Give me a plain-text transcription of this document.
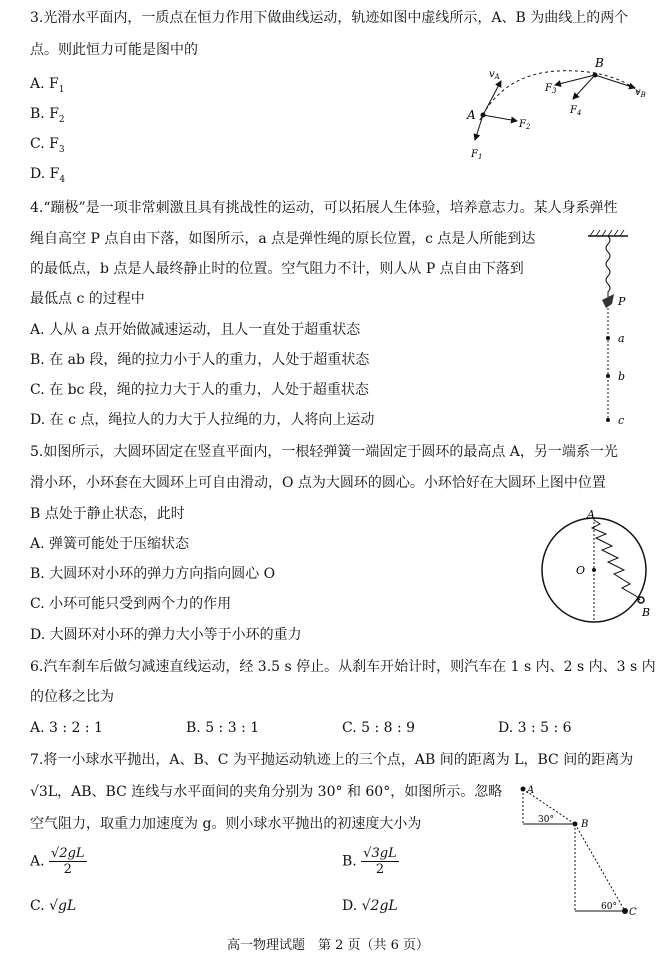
3.光滑水平面内，一质点在恒力作用下做曲线运动，轨迹如图中虚线所示，A、B 为曲线上的两个
点。则此恒力可能是图中的
A. $F_1$
B. $F_2$
C. $F_3$
D. $F_4$
$v_A$
A
$F_1$
$F_2$
B
$v_B$
$F_3$
$F_4$
4.“蹦极”是一项非常刺激且具有挑战性的运动，可以拓展人生体验，培养意志力。某人身系弹性
绳自高空 P 点自由下落，如图所示，a 点是弹性绳的原长位置，c 点是人所能到达
的最低点，b 点是人最终静止时的位置。空气阻力不计，则人从 P 点自由下落到
最低点 c 的过程中
A. 人从 a 点开始做减速运动，且人一直处于超重状态
B. 在 ab 段，绳的拉力小于人的重力，人处于超重状态
C. 在 bc 段，绳的拉力大于人的重力，人处于超重状态
D. 在 c 点，绳拉人的力大于人拉绳的力，人将向上运动
P
a
b
c
5.如图所示，大圆环固定在竖直平面内，一根轻弹簧一端固定于圆环的最高点 A，另一端系一光
滑小环，小环套在大圆环上可自由滑动，O 点为大圆环的圆心。小环恰好在大圆环上图中位置
B 点处于静止状态，此时
A. 弹簧可能处于压缩状态
B. 大圆环对小环的弹力方向指向圆心 O
C. 小环可能只受到两个力的作用
D. 大圆环对小环的弹力大小等于小环的重力
A
O
B
6.汽车刹车后做匀减速直线运动，经 3.5 s 停止。从刹车开始计时，则汽车在 1 s 内、2 s 内、3 s 内
的位移之比为
A. 3 : 2 : 1	B. 5 : 3 : 1	C. 5 : 8 : 9	D. 3 : 5 : 6
7.将一小球水平抛出，A、B、C 为平抛运动轨迹上的三个点，AB 间的距离为 L，BC 间的距离为
√3L，AB、BC 连线与水平面间的夹角分别为 30° 和 60°，如图所示。忽略
空气阻力，取重力加速度为 g。则小球水平抛出的初速度大小为
A. $\frac{√2gL}{2}$	B. $\frac{√3gL}{2}$
C. √gL	D. √2gL
A
B
C
30°
60°
高一物理试题　第 2 页（共 6 页）
